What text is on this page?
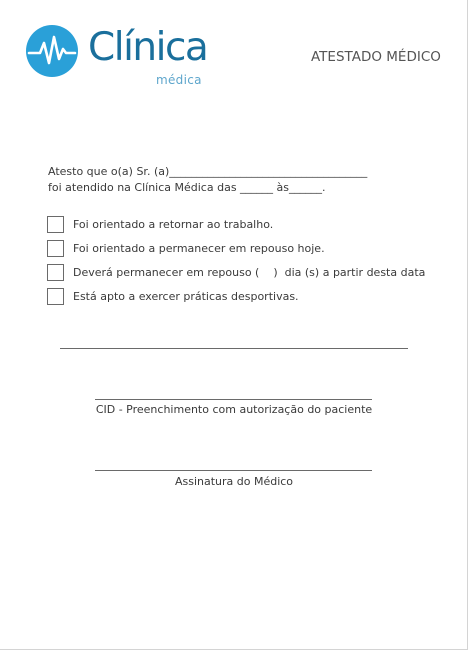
Clínica
médica
ATESTADO MÉDICO
Atesto que o(a) Sr. (a)____________________________________
foi atendido na Clínica Médica das ______ às______.
Foi orientado a retornar ao trabalho.
Foi orientado a permanecer em repouso hoje.
Deverá permanecer em repouso (    )  dia (s) a partir desta data
Está apto a exercer práticas desportivas.
CID - Preenchimento com autorização do paciente
Assinatura do Médico
